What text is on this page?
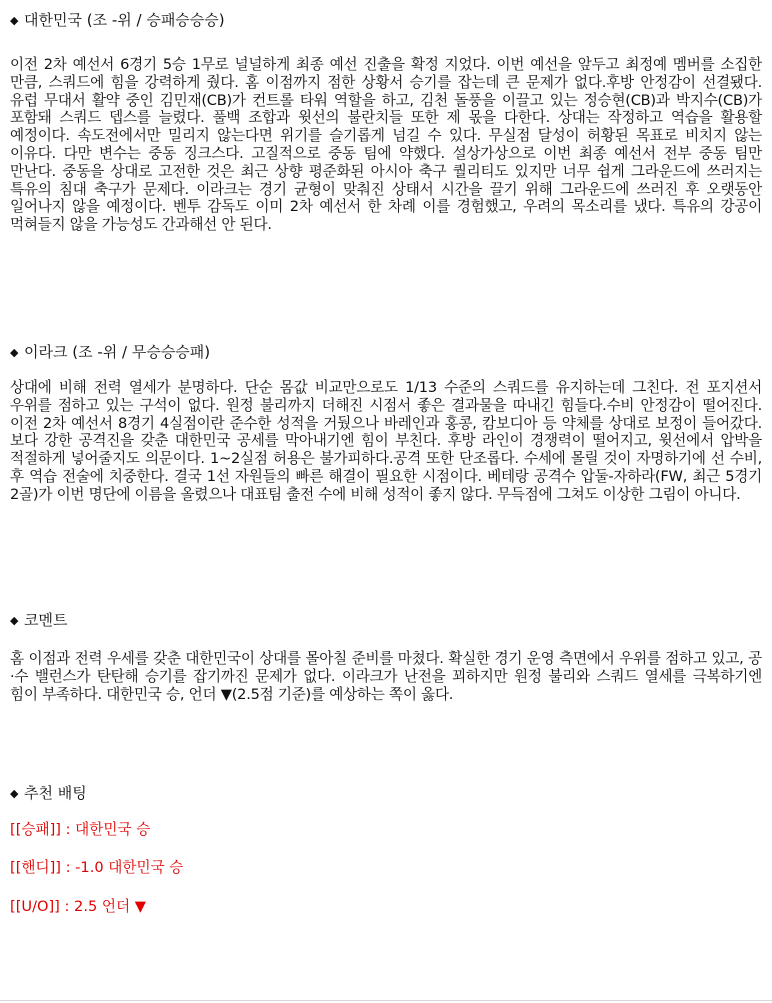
◆ 대한민국 (조 -위 / 승패승승승)
이전 2차 예선서 6경기 5승 1무로 널널하게 최종 예선 진출을 확정 지었다. 이번 예선을 앞두고 최정예 멤버를 소집한 만큼, 스쿼드에 힘을 강력하게 줬다. 홈 이점까지 점한 상황서 승기를 잡는데 큰 문제가 없다.후방 안정감이 선결됐다. 유럽 무대서 활약 중인 김민재(CB)가 컨트롤 타워 역할을 하고, 김천 돌풍을 이끌고 있는 정승현(CB)과 박지수(CB)가 포함돼 스쿼드 뎁스를 늘렸다. 풀백 조합과 윗선의 불란치들 또한 제 몫을 다한다. 상대는 작정하고 역습을 활용할 예정이다. 속도전에서만 밀리지 않는다면 위기를 슬기롭게 넘길 수 있다. 무실점 달성이 허황된 목표로 비치지 않는 이유다. 다만 변수는 중동 징크스다. 고질적으로 중동 팀에 약했다. 설상가상으로 이번 최종 예선서 전부 중동 팀만 만난다. 중동을 상대로 고전한 것은 최근 상향 평준화된 아시아 축구 퀄리티도 있지만 너무 쉽게 그라운드에 쓰러지는 특유의 침대 축구가 문제다. 이라크는 경기 균형이 맞춰진 상태서 시간을 끌기 위해 그라운드에 쓰러진 후 오랫동안 일어나지 않을 예정이다. 벤투 감독도 이미 2차 예선서 한 차례 이를 경험했고, 우려의 목소리를 냈다. 특유의 강공이 먹혀들지 않을 가능성도 간과해선 안 된다.
◆ 이라크 (조 -위 / 무승승승패)
상대에 비해 전력 열세가 분명하다. 단순 몸값 비교만으로도 1/13 수준의 스쿼드를 유지하는데 그친다. 전 포지션서 우위를 점하고 있는 구석이 없다. 원정 불리까지 더해진 시점서 좋은 결과물을 따내긴 힘들다.수비 안정감이 떨어진다. 이전 2차 예선서 8경기 4실점이란 준수한 성적을 거뒀으나 바레인과 홍콩, 캄보디아 등 약체를 상대로 보정이 들어갔다. 보다 강한 공격진을 갖춘 대한민국 공세를 막아내기엔 힘이 부친다. 후방 라인이 경쟁력이 떨어지고, 윗선에서 압박을 적절하게 넣어줄지도 의문이다. 1~2실점 허용은 불가피하다.공격 또한 단조롭다. 수세에 몰릴 것이 자명하기에 선 수비, 후 역습 전술에 치중한다. 결국 1선 자원들의 빠른 해결이 필요한 시점이다. 베테랑 공격수 압둘-자하라(FW, 최근 5경기 2골)가 이번 명단에 이름을 올렸으나 대표팀 출전 수에 비해 성적이 좋지 않다. 무득점에 그쳐도 이상한 그림이 아니다.
◆ 코멘트
홈 이점과 전력 우세를 갖춘 대한민국이 상대를 몰아칠 준비를 마쳤다. 확실한 경기 운영 측면에서 우위를 점하고 있고, 공·수 밸런스가 탄탄해 승기를 잡기까진 문제가 없다. 이라크가 난전을 꾀하지만 원정 불리와 스쿼드 열세를 극복하기엔 힘이 부족하다. 대한민국 승, 언더 ▼(2.5점 기준)를 예상하는 쪽이 옳다.
◆ 추천 배팅
[[승패]] : 대한민국 승
[[핸디]] : -1.0 대한민국 승
[[U/O]] : 2.5 언더 ▼
